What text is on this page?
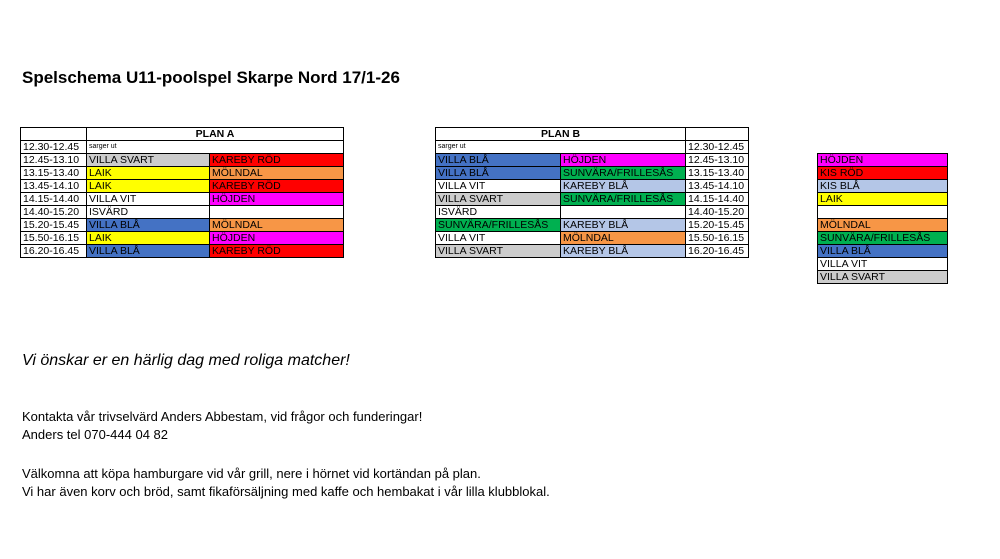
Spelschema U11-poolspel Skarpe Nord 17/1-26
	PLAN A	
12.30-12.45	sarger ut	
12.45-13.10	VILLA SVART	KAREBY RÖD
13.15-13.40	LAIK	MÖLNDAL
13.45-14.10	LAIK	KAREBY RÖD
14.15-14.40	VILLA VIT	HÖJDEN
14.40-15.20	ISVÄRD	
15.20-15.45	VILLA BLÅ	MÖLNDAL
15.50-16.15	LAIK	HÖJDEN
16.20-16.45	VILLA BLÅ	KAREBY RÖD
PLAN B		
sarger ut		12.30-12.45
VILLA BLÅ	HÖJDEN	12.45-13.10
VILLA BLÅ	SUNVÄRA/FRILLESÅS	13.15-13.40
VILLA VIT	KAREBY BLÅ	13.45-14.10
VILLA SVART	SUNVÄRA/FRILLESÅS	14.15-14.40
ISVÄRD		14.40-15.20
SUNVÄRA/FRILLESÅS	KAREBY BLÅ	15.20-15.45
VILLA VIT	MÖLNDAL	15.50-16.15
VILLA SVART	KAREBY BLÅ	16.20-16.45
HÖJDEN
KIS RÖD
KIS BLÅ
LAIK

MÖLNDAL
SUNVÄRA/FRILLESÅS
VILLA BLÅ
VILLA VIT
VILLA SVART
Vi önskar er en härlig dag med roliga matcher!
Kontakta vår trivselvärd Anders Abbestam, vid frågor och funderingar!
Anders tel 070-444 04 82
Välkomna att köpa hamburgare vid vår grill, nere i hörnet vid kortändan på plan.
Vi har även korv och bröd, samt fikaförsäljning med kaffe och hembakat i vår lilla klubblokal.
